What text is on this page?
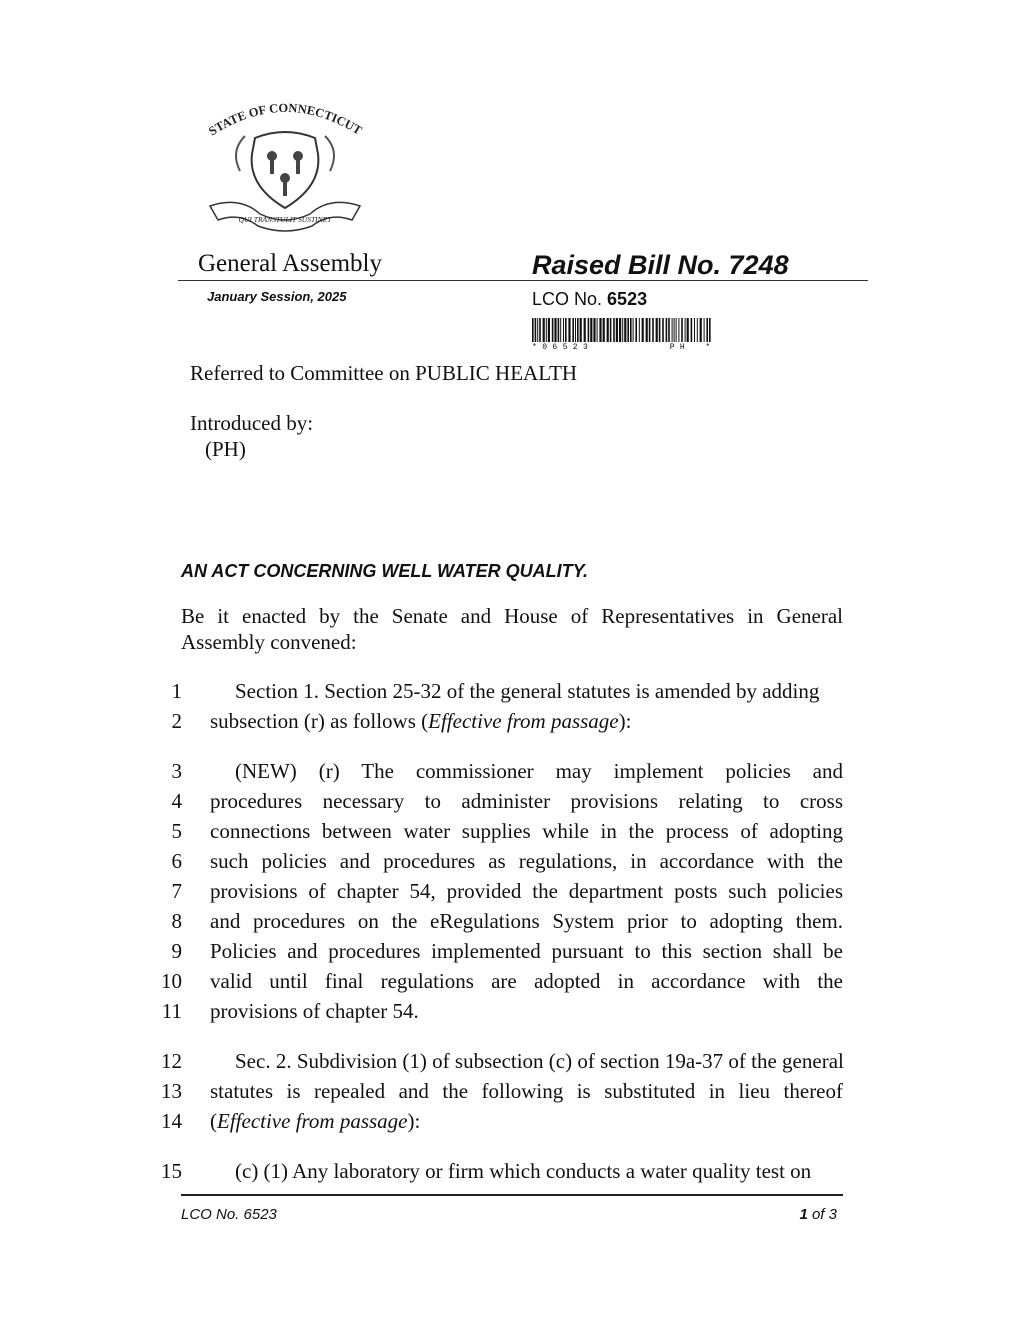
STATE OF CONNECTICUT
QUI TRANSTULIT SUSTINET
General Assembly	Raised Bill No. 7248
January Session, 2025	LCO No. 6523
* 0 6 5 2 3                P H    *
Referred to Committee on PUBLIC HEALTH
Introduced by:
(PH)
AN ACT CONCERNING WELL WATER QUALITY.
Be it enacted by the Senate and House of Representatives in General Assembly convened:
1	Section 1. Section 25-32 of the general statutes is amended by adding
2 subsection (r) as follows (Effective from passage):
3	(NEW) (r) The commissioner may implement policies and
4 procedures necessary to administer provisions relating to cross
5 connections between water supplies while in the process of adopting
6 such policies and procedures as regulations, in accordance with the
7 provisions of chapter 54, provided the department posts such policies
8 and procedures on the eRegulations System prior to adopting them.
9 Policies and procedures implemented pursuant to this section shall be
10 valid until final regulations are adopted in accordance with the
11 provisions of chapter 54.
12	Sec. 2. Subdivision (1) of subsection (c) of section 19a-37 of the general
13 statutes is repealed and the following is substituted in lieu thereof
14 (Effective from passage):
15	(c) (1) Any laboratory or firm which conducts a water quality test on
LCO No. 6523	1 of 3
